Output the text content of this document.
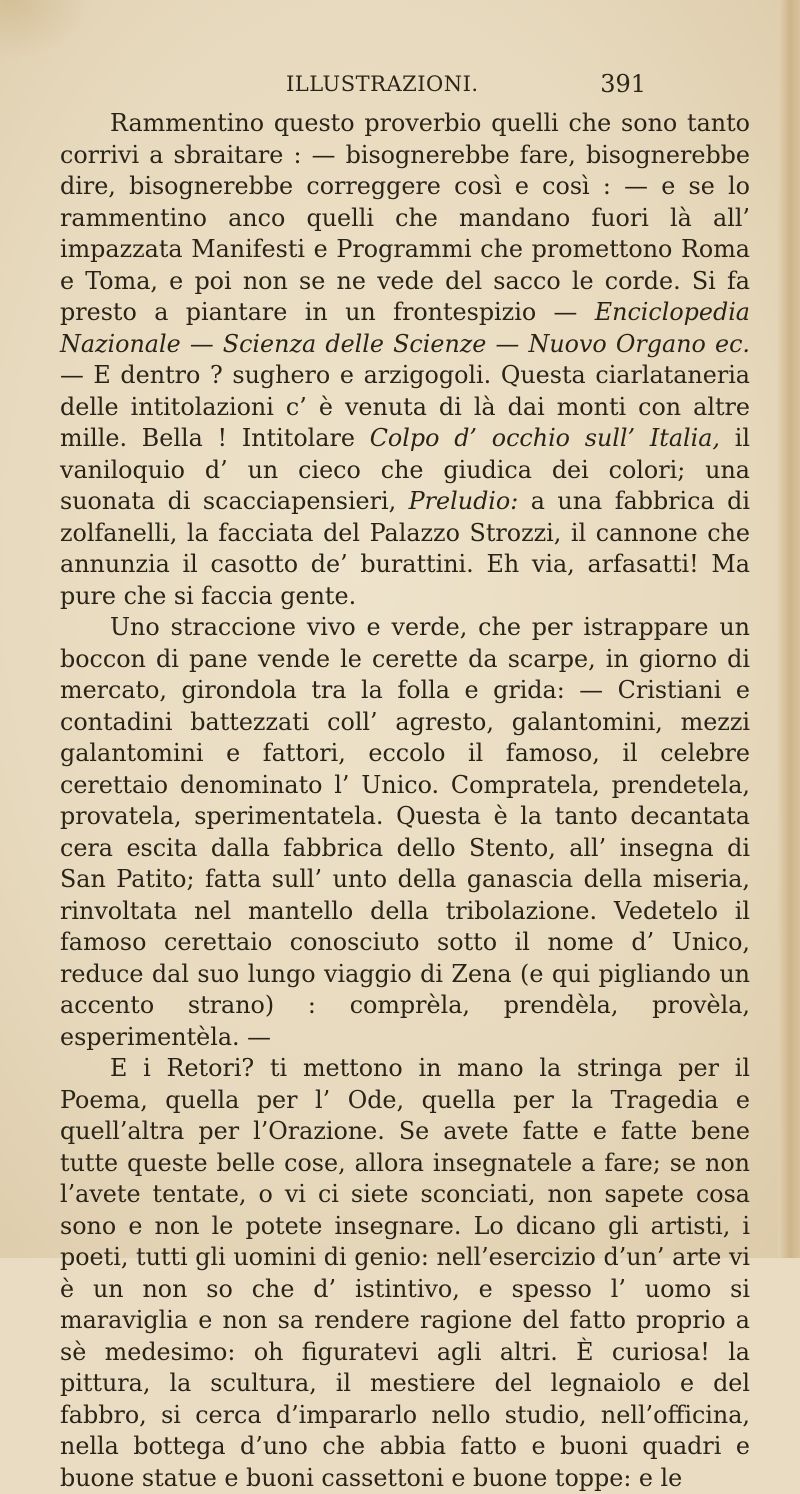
ILLUSTRAZIONI.	391

Rammentino questo proverbio quelli che sono tanto corrivi a sbraitare : — bisognerebbe fare, bisognerebbe dire, bisognerebbe correggere così e così : — e se lo rammentino anco quelli che mandano fuori là all’ impazzata Manifesti e Programmi che promettono Roma e Toma, e poi non se ne vede del sacco le corde. Si fa presto a piantare in un frontespizio — Enciclopedia Nazionale — Scienza delle Scienze — Nuovo Organo ec. — E dentro ? sughero e arzigogoli. Questa ciarlataneria delle intitolazioni c’ è venuta di là dai monti con altre mille. Bella ! Intitolare Colpo d’ occhio sull’ Italia, il vaniloquio d’ un cieco che giudica dei colori; una suonata di scacciapensieri, Preludio: a una fabbrica di zolfanelli, la facciata del Palazzo Strozzi, il cannone che annunzia il casotto de’ burattini. Eh via, arfasatti! Ma pure che si faccia gente.

Uno straccione vivo e verde, che per istrappare un boccon di pane vende le cerette da scarpe, in giorno di mercato, girondola tra la folla e grida: — Cristiani e contadini battezzati coll’ agresto, galantomini, mezzi galantomini e fattori, eccolo il famoso, il celebre cerettaio denominato l’ Unico. Compratela, prendetela, provatela, sperimentatela. Questa è la tanto decantata cera escita dalla fabbrica dello Stento, all’ insegna di San Patito; fatta sull’ unto della ganascia della miseria, rinvoltata nel mantello della tribolazione. Vedetelo il famoso cerettaio conosciuto sotto il nome d’ Unico, reduce dal suo lungo viaggio di Zena (e qui pigliando un accento strano) : comprèla, prendèla, provèla, esperimentèla. —

E i Retori? ti mettono in mano la stringa per il Poema, quella per l’ Ode, quella per la Tragedia e quell’altra per l’Orazione. Se avete fatte e fatte bene tutte queste belle cose, allora insegnatele a fare; se non l’avete tentate, o vi ci siete sconciati, non sapete cosa sono e non le potete insegnare. Lo dicano gli artisti, i poeti, tutti gli uomini di genio: nell’esercizio d’un’ arte vi è un non so che d’ istintivo, e spesso l’ uomo si maraviglia e non sa rendere ragione del fatto proprio a sè medesimo: oh figuratevi agli altri. È curiosa! la pittura, la scultura, il mestiere del legnaiolo e del fabbro, si cerca d’impararlo nello studio, nell’officina, nella bottega d’uno che abbia fatto e buoni quadri e buone statue e buoni cassettoni e buone toppe: e le
